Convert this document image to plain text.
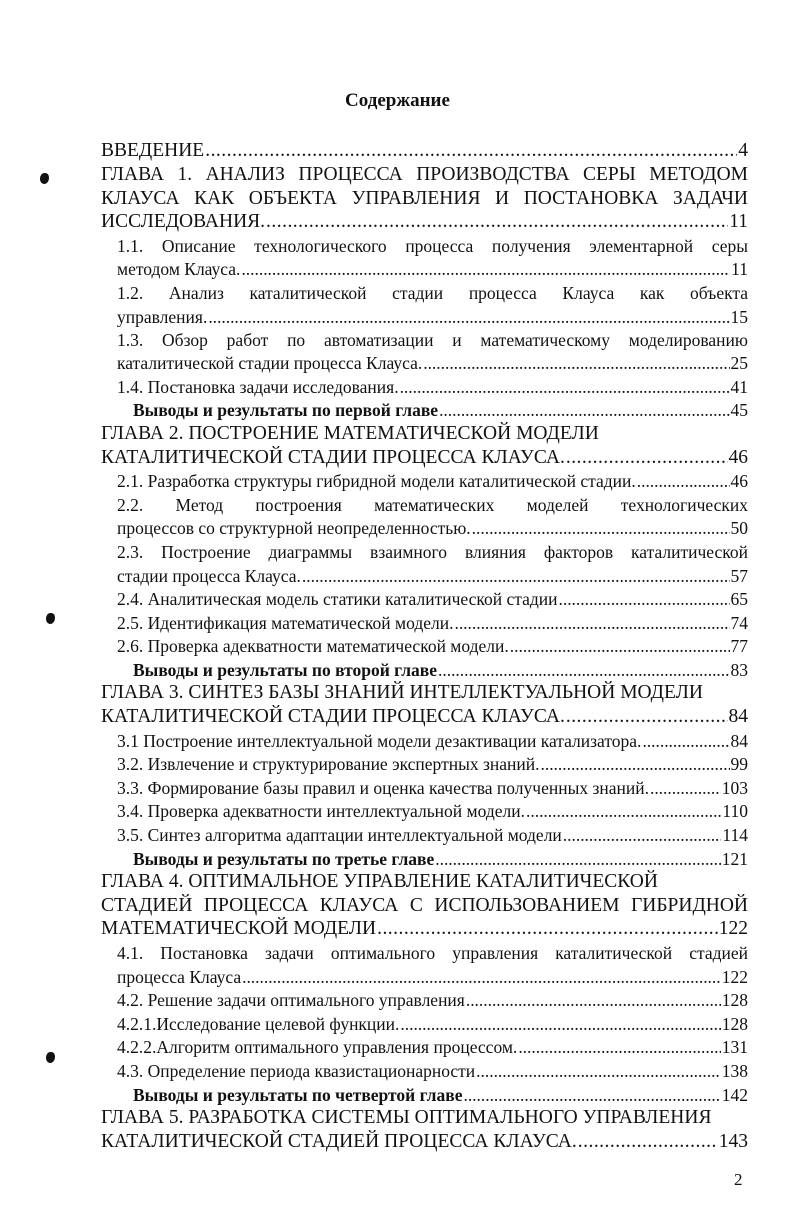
Содержание
ВВЕДЕНИЕ . . .	4
ГЛАВА 1. АНАЛИЗ ПРОЦЕССА ПРОИЗВОДСТВА СЕРЫ МЕТОДОМ
КЛАУСА КАК ОБЪЕКТА УПРАВЛЕНИЯ И ПОСТАНОВКА ЗАДАЧИ
ИССЛЕДОВАНИЯ. . . .	11
1.1. Описание технологического процесса получения элементарной серы
методом Клауса. . . .	11
1.2. Анализ каталитической стадии процесса Клауса как объекта
управления. . . .	15
1.3. Обзор работ по автоматизации и математическому моделированию
каталитической стадии процесса Клауса. . . .	25
1.4. Постановка задачи исследования. . . .	41
Выводы и результаты по первой главе . . .	45
ГЛАВА 2. ПОСТРОЕНИЕ МАТЕМАТИЧЕСКОЙ МОДЕЛИ
КАТАЛИТИЧЕСКОЙ СТАДИИ ПРОЦЕССА КЛАУСА. . . .	46
2.1. Разработка структуры гибридной модели каталитической стадии. . . .	46
2.2. Метод построения математических моделей технологических
процессов со структурной неопределенностью. . . .	50
2.3. Построение диаграммы взаимного влияния факторов каталитической
стадии процесса Клауса. . . .	57
2.4. Аналитическая модель статики каталитической стадии . . .	65
2.5. Идентификация математической модели. . . .	74
2.6. Проверка адекватности математической модели. . . .	77
Выводы и результаты по второй главе . . .	83
ГЛАВА 3. СИНТЕЗ БАЗЫ ЗНАНИЙ ИНТЕЛЛЕКТУАЛЬНОЙ МОДЕЛИ
КАТАЛИТИЧЕСКОЙ СТАДИИ ПРОЦЕССА КЛАУСА. . . .	84
3.1 Построение интеллектуальной модели дезактивации катализатора. . . .	84
3.2. Извлечение и структурирование экспертных знаний. . . .	99
3.3. Формирование базы правил и оценка качества полученных знаний. . . .	103
3.4. Проверка адекватности интеллектуальной модели. . . .	110
3.5. Синтез алгоритма адаптации интеллектуальной модели . . .	114
Выводы и результаты по третье главе . . .	121
ГЛАВА 4. ОПТИМАЛЬНОЕ УПРАВЛЕНИЕ КАТАЛИТИЧЕСКОЙ
СТАДИЕЙ ПРОЦЕССА КЛАУСА С ИСПОЛЬЗОВАНИЕМ ГИБРИДНОЙ
МАТЕМАТИЧЕСКОЙ МОДЕЛИ . . .	122
4.1. Постановка задачи оптимального управления каталитической стадией
процесса Клауса . . .	122
4.2. Решение задачи оптимального управления . . .	128
4.2.1.Исследование целевой функции. . . .	128
4.2.2.Алгоритм оптимального управления процессом. . . .	131
4.3. Определение периода квазистационарности . . .	138
Выводы и результаты по четвертой главе . . .	142
ГЛАВА 5. РАЗРАБОТКА СИСТЕМЫ ОПТИМАЛЬНОГО УПРАВЛЕНИЯ
КАТАЛИТИЧЕСКОЙ СТАДИЕЙ ПРОЦЕССА КЛАУСА. . . .	143
2
